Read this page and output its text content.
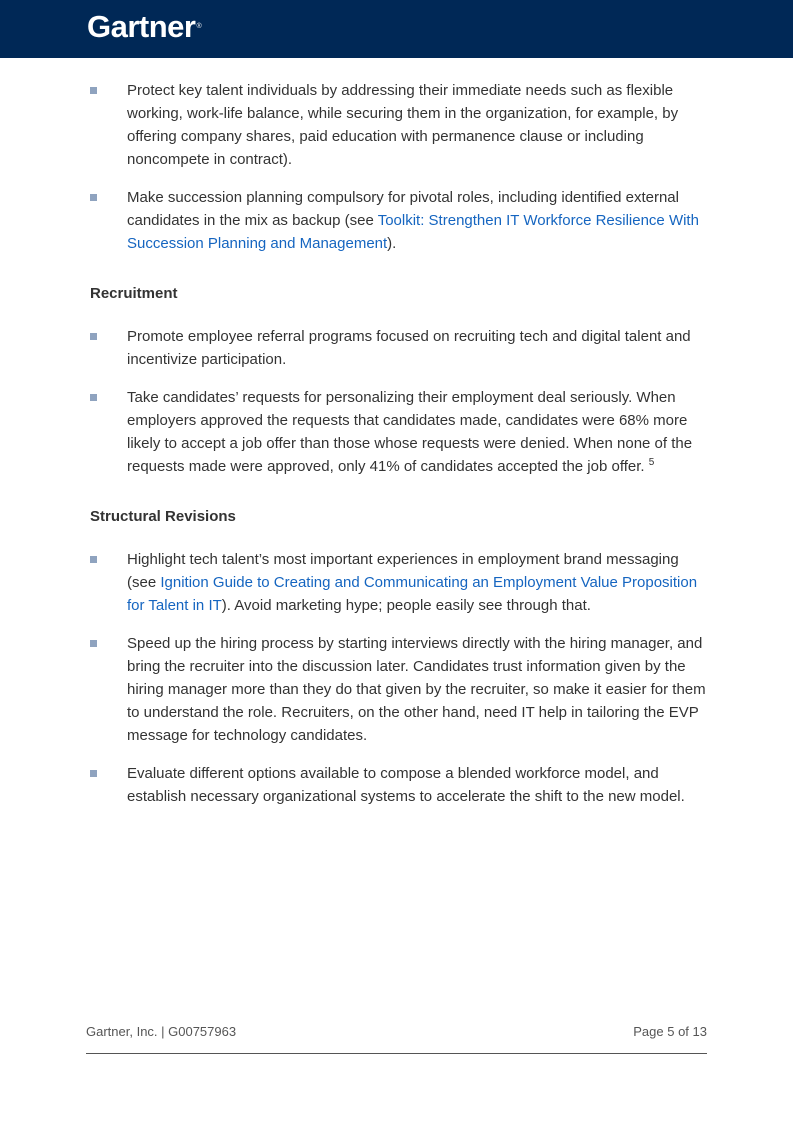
Gartner®
Protect key talent individuals by addressing their immediate needs such as flexible working, work-life balance, while securing them in the organization, for example, by offering company shares, paid education with permanence clause or including noncompete in contract).
Make succession planning compulsory for pivotal roles, including identified external candidates in the mix as backup (see Toolkit: Strengthen IT Workforce Resilience With Succession Planning and Management).
Recruitment
Promote employee referral programs focused on recruiting tech and digital talent and incentivize participation.
Take candidates’ requests for personalizing their employment deal seriously. When employers approved the requests that candidates made, candidates were 68% more likely to accept a job offer than those whose requests were denied. When none of the requests made were approved, only 41% of candidates accepted the job offer. $^5$
Structural Revisions
Highlight tech talent’s most important experiences in employment brand messaging (see Ignition Guide to Creating and Communicating an Employment Value Proposition for Talent in IT). Avoid marketing hype; people easily see through that.
Speed up the hiring process by starting interviews directly with the hiring manager, and bring the recruiter into the discussion later. Candidates trust information given by the hiring manager more than they do that given by the recruiter, so make it easier for them to understand the role. Recruiters, on the other hand, need IT help in tailoring the EVP message for technology candidates.
Evaluate different options available to compose a blended workforce model, and establish necessary organizational systems to accelerate the shift to the new model.
Gartner, Inc. | G00757963	Page 5 of 13
